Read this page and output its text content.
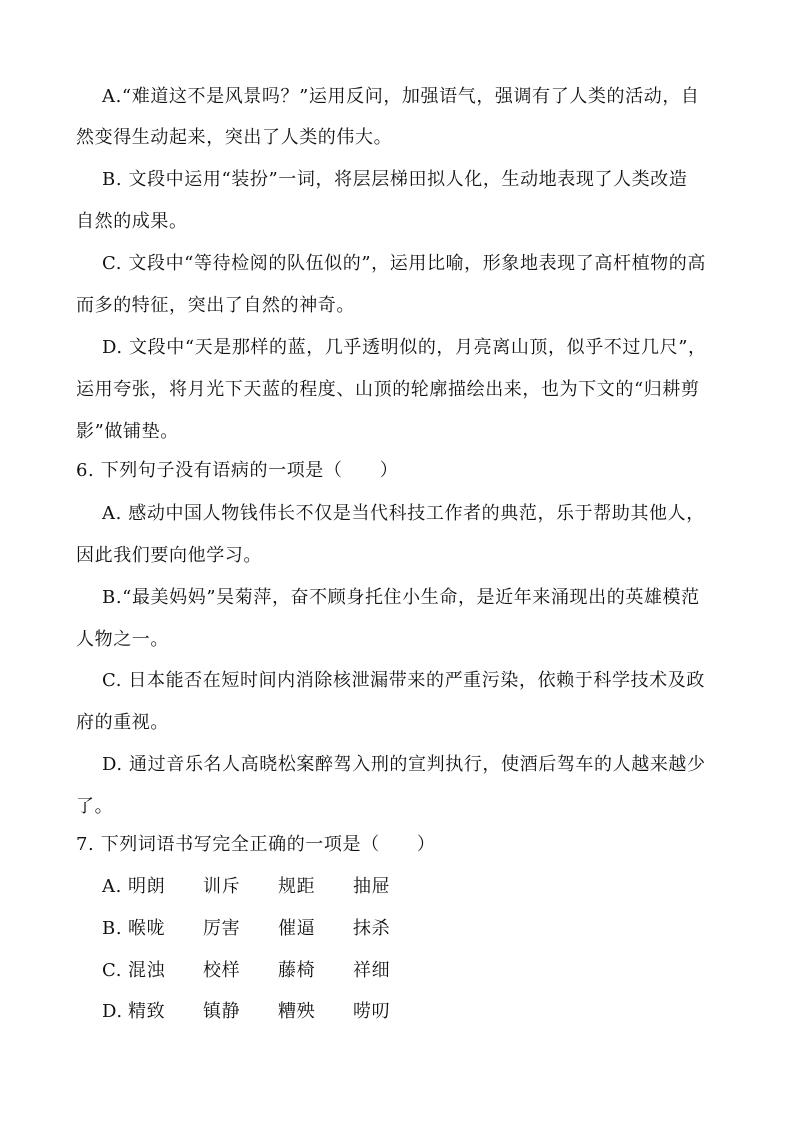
A.“难道这不是风景吗？”运用反问，加强语气，强调有了人类的活动，自
然变得生动起来，突出了人类的伟大。
B. 文段中运用“装扮”一词，将层层梯田拟人化，生动地表现了人类改造
自然的成果。
C. 文段中“等待检阅的队伍似的”，运用比喻，形象地表现了高杆植物的高
而多的特征，突出了自然的神奇。
D. 文段中“天是那样的蓝，几乎透明似的，月亮离山顶，似乎不过几尺”，
运用夸张，将月光下天蓝的程度、山顶的轮廓描绘出来，也为下文的“归耕剪
影”做铺垫。
6. 下列句子没有语病的一项是（　　）
A. 感动中国人物钱伟长不仅是当代科技工作者的典范，乐于帮助其他人，
因此我们要向他学习。
B.“最美妈妈”吴菊萍，奋不顾身托住小生命，是近年来涌现出的英雄模范
人物之一。
C. 日本能否在短时间内消除核泄漏带来的严重污染，依赖于科学技术及政
府的重视。
D. 通过音乐名人高晓松案醉驾入刑的宣判执行，使酒后驾车的人越来越少
了。
7. 下列词语书写完全正确的一项是（　　）
A. 明朗 训斥 规距 抽屉
B. 喉咙 厉害 催逼 抹杀
C. 混浊 校样 藤椅 祥细
D. 精致 镇静 糟殃 唠叨
